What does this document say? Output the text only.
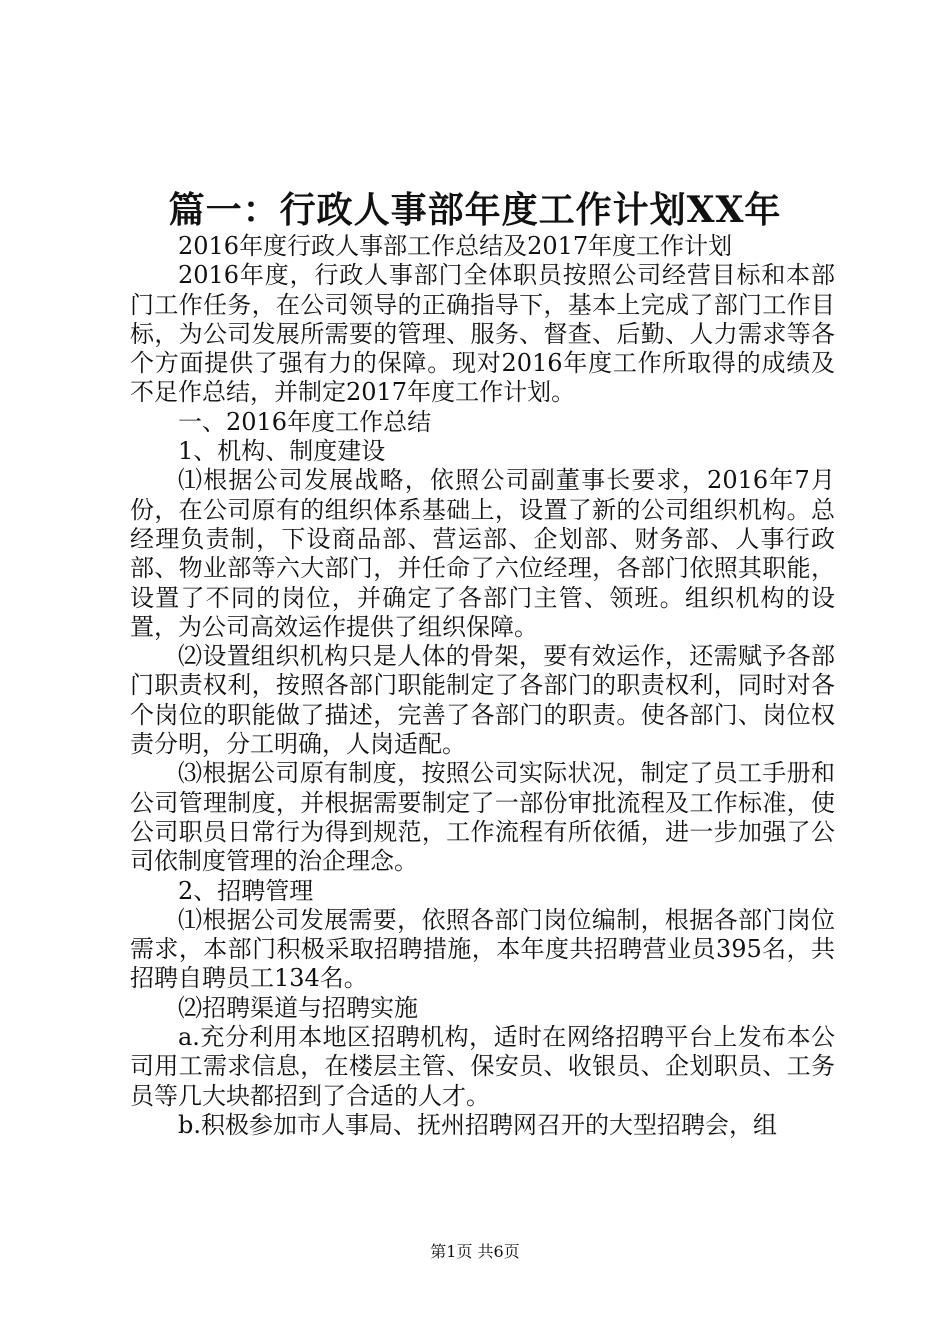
篇一：行政人事部年度工作计划XX年

2016年度行政人事部工作总结及2017年度工作计划

2016年度，行政人事部门全体职员按照公司经营目标和本部门工作任务，在公司领导的正确指导下，基本上完成了部门工作目标，为公司发展所需要的管理、服务、督查、后勤、人力需求等各个方面提供了强有力的保障。现对2016年度工作所取得的成绩及不足作总结，并制定2017年度工作计划。

一、2016年度工作总结

1、机构、制度建设

⑴根据公司发展战略，依照公司副董事长要求，2016年7月份，在公司原有的组织体系基础上，设置了新的公司组织机构。总经理负责制，下设商品部、营运部、企划部、财务部、人事行政部、物业部等六大部门，并任命了六位经理，各部门依照其职能，设置了不同的岗位，并确定了各部门主管、领班。组织机构的设置，为公司高效运作提供了组织保障。

⑵设置组织机构只是人体的骨架，要有效运作，还需赋予各部门职责权利，按照各部门职能制定了各部门的职责权利，同时对各个岗位的职能做了描述，完善了各部门的职责。使各部门、岗位权责分明，分工明确，人岗适配。

⑶根据公司原有制度，按照公司实际状况，制定了员工手册和公司管理制度，并根据需要制定了一部份审批流程及工作标准，使公司职员日常行为得到规范，工作流程有所依循，进一步加强了公司依制度管理的治企理念。

2、招聘管理

⑴根据公司发展需要，依照各部门岗位编制，根据各部门岗位需求，本部门积极采取招聘措施，本年度共招聘营业员395名，共招聘自聘员工134名。

⑵招聘渠道与招聘实施

a.充分利用本地区招聘机构，适时在网络招聘平台上发布本公司用工需求信息，在楼层主管、保安员、收银员、企划职员、工务员等几大块都招到了合适的人才。

b.积极参加市人事局、抚州招聘网召开的大型招聘会，组

第1页 共6页
